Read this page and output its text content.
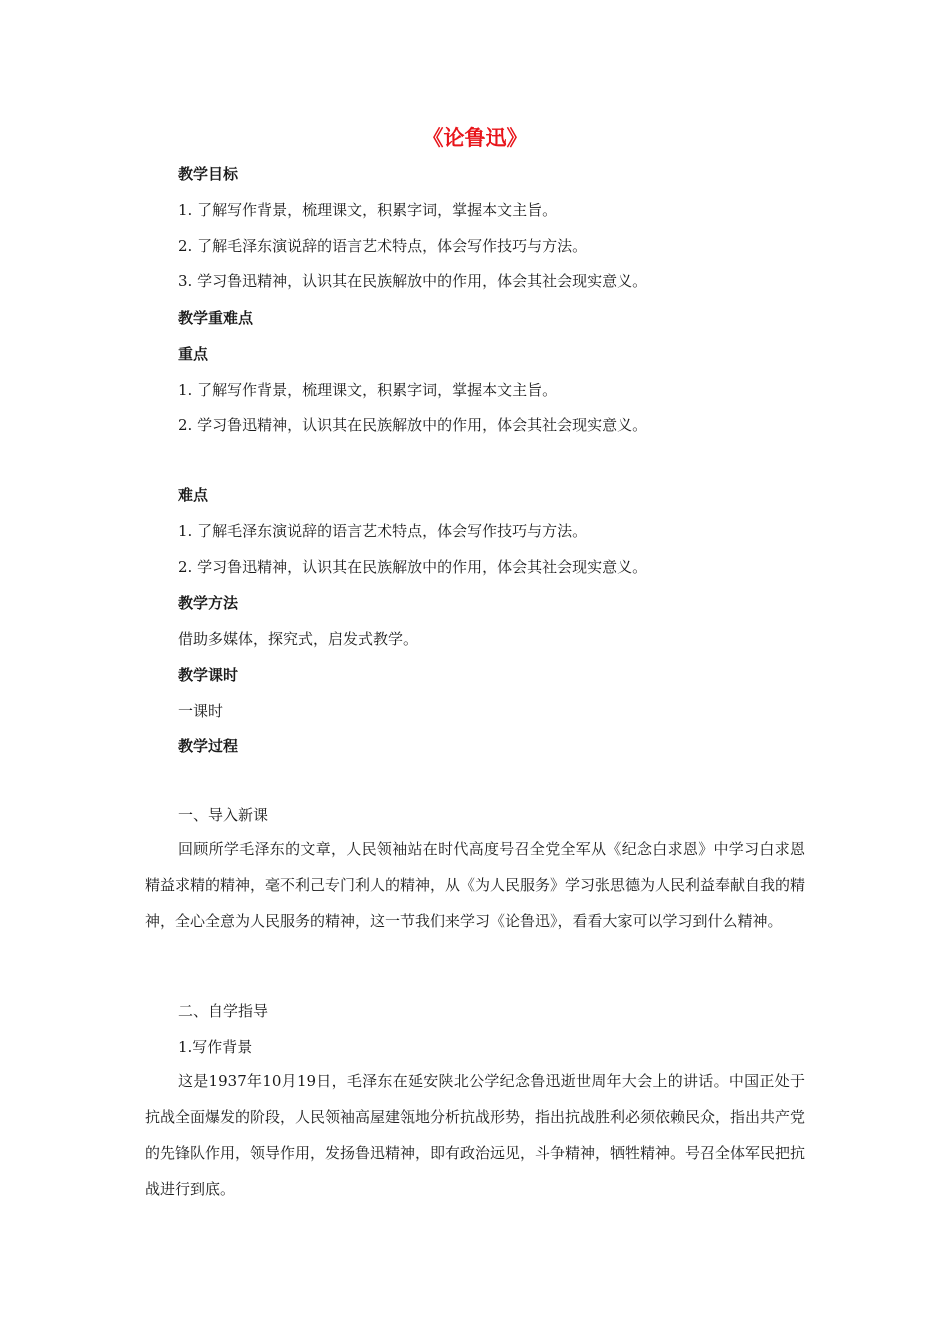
《论鲁迅》
教学目标
1. 了解写作背景，梳理课文，积累字词，掌握本文主旨。
2. 了解毛泽东演说辞的语言艺术特点，体会写作技巧与方法。
3. 学习鲁迅精神，认识其在民族解放中的作用，体会其社会现实意义。
教学重难点
重点
1. 了解写作背景，梳理课文，积累字词，掌握本文主旨。
2. 学习鲁迅精神，认识其在民族解放中的作用，体会其社会现实意义。
难点
1. 了解毛泽东演说辞的语言艺术特点，体会写作技巧与方法。
2. 学习鲁迅精神，认识其在民族解放中的作用，体会其社会现实意义。
教学方法
借助多媒体，探究式，启发式教学。
教学课时
一课时
教学过程
一、导入新课

回顾所学毛泽东的文章，人民领袖站在时代高度号召全党全军从《纪念白求恩》中学习白求恩精益求精的精神，毫不利己专门利人的精神，从《为人民服务》学习张思德为人民利益奉献自我的精神，全心全意为人民服务的精神，这一节我们来学习《论鲁迅》，看看大家可以学习到什么精神。

二、自学指导
1.写作背景

这是1937年10月19日，毛泽东在延安陕北公学纪念鲁迅逝世周年大会上的讲话。中国正处于抗战全面爆发的阶段，人民领袖高屋建瓴地分析抗战形势，指出抗战胜利必须依赖民众，指出共产党的先锋队作用，领导作用，发扬鲁迅精神，即有政治远见，斗争精神，牺牲精神。号召全体军民把抗战进行到底。
